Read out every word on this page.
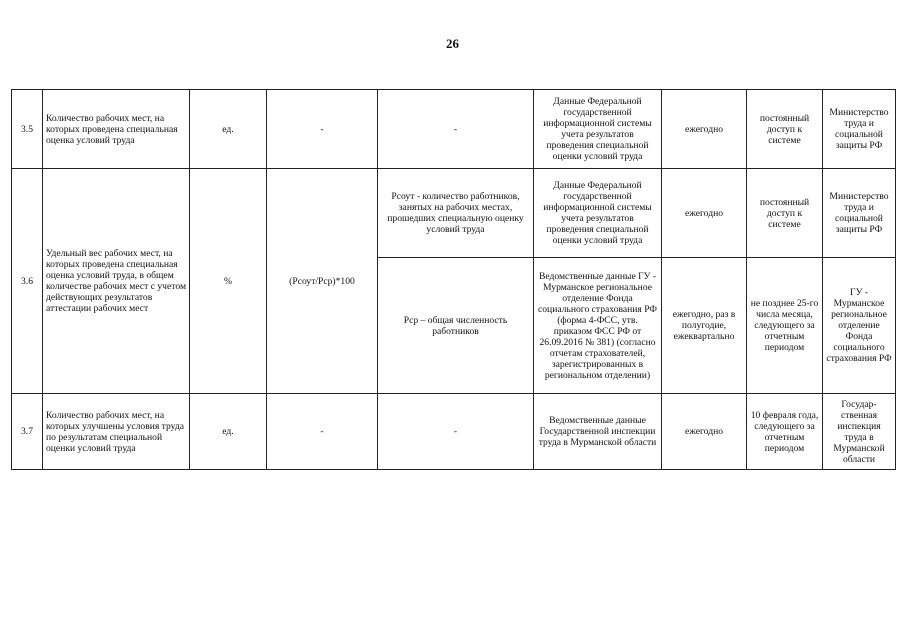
26
3.5	Количество рабочих мест, на которых проведена специальная оценка условий труда	ед.	-	-	Данные Федеральной государственной информационной системы учета результатов проведения специальной оценки условий труда	ежегодно	постоянный доступ к системе	Министерство труда и социальной защиты РФ
3.6	Удельный вес рабочих мест, на которых проведена специальная оценка условий труда, в общем количестве рабочих мест с учетом действующих результатов аттестации рабочих мест	%	(Рсоут/Рср)*100	Рсоут - количество работников, занятых на рабочих местах, прошедших специальную оценку условий труда	Данные Федеральной государственной информационной системы учета результатов проведения специальной оценки условий труда	ежегодно	постоянный доступ к системе	Министерство труда и социальной защиты РФ
				Рср – общая численность работников	Ведомственные данные ГУ - Мурманское региональное отделение Фонда социального страхования РФ (форма 4-ФСС, утв. приказом ФСС РФ от 26.09.2016 № 381) (согласно отчетам страхователей, зарегистрированных в региональном отделении)	ежегодно, раз в полугодие, ежеквартально	не позднее 25-го числа месяца, следующего за отчетным периодом	ГУ - Мурманское региональное отделение Фонда социального страхования РФ
3.7	Количество рабочих мест, на которых улучшены условия труда по результатам специальной оценки условий труда	ед.	-	-	Ведомственные данные Государственной инспекции труда в Мурманской области	ежегодно	10 февраля года, следующего за отчетным периодом	Государ-ственная инспекция труда в Мурманской области
